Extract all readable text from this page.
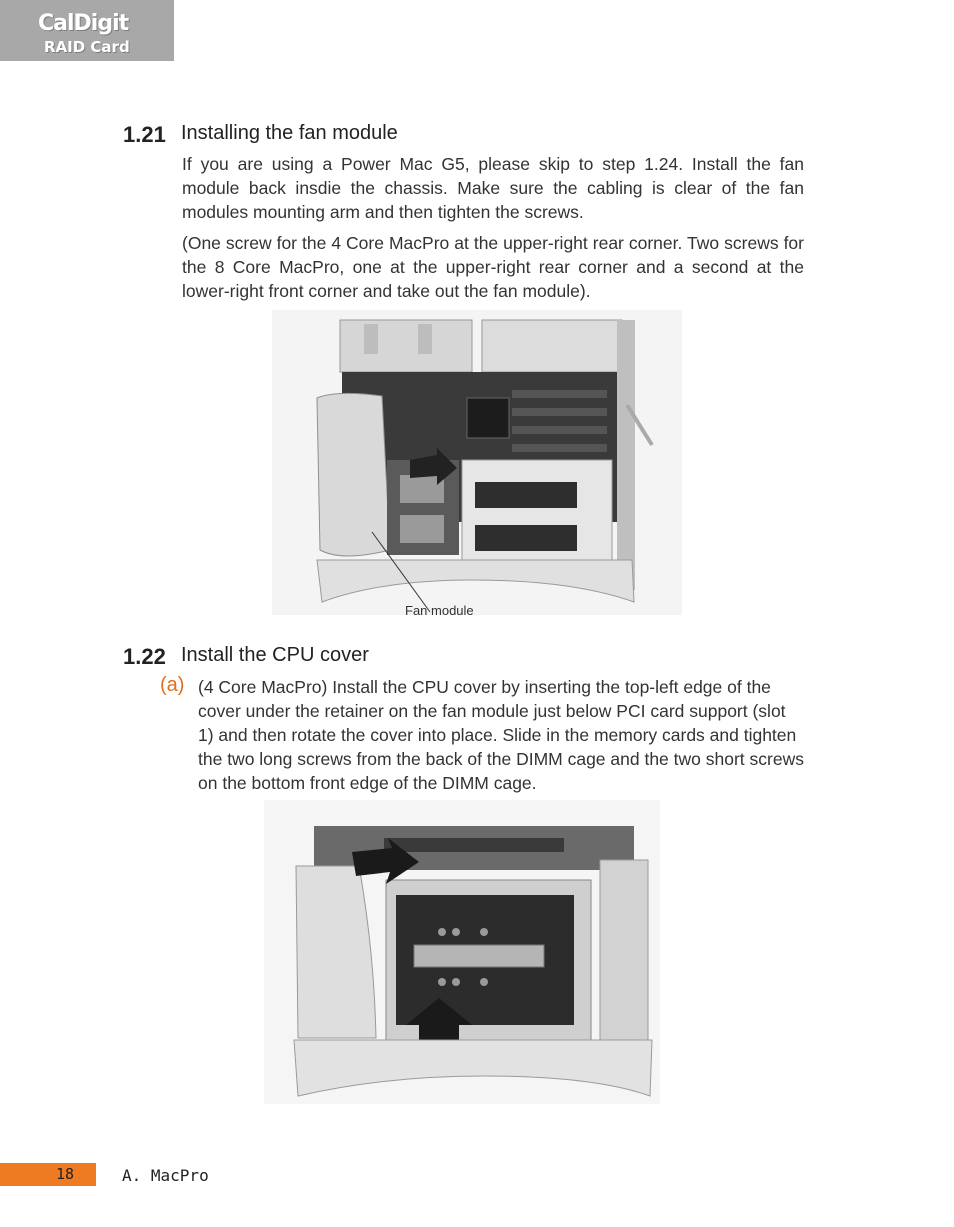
CalDigit
RAID Card
1.21 Installing the fan module
If you are using a Power Mac G5, please skip to step 1.24. Install the fan module back insdie the chassis. Make sure the cabling is clear of the fan modules mounting arm and then tighten the screws.
(One screw for the 4 Core MacPro at the upper-right rear corner. Two screws for the 8 Core MacPro, one at the upper-right rear corner and a second at the lower-right front corner and take out the fan module).
Fan module
1.22 Install the CPU cover
(a) (4 Core MacPro) Install the CPU cover by inserting the top-left edge of the cover under the retainer on the fan module just below PCI card support (slot 1) and then rotate the cover into place. Slide in the memory cards and tighten the two long screws from the back of the DIMM cage and the two short screws on the bottom front edge of the DIMM cage.
18	A. MacPro
